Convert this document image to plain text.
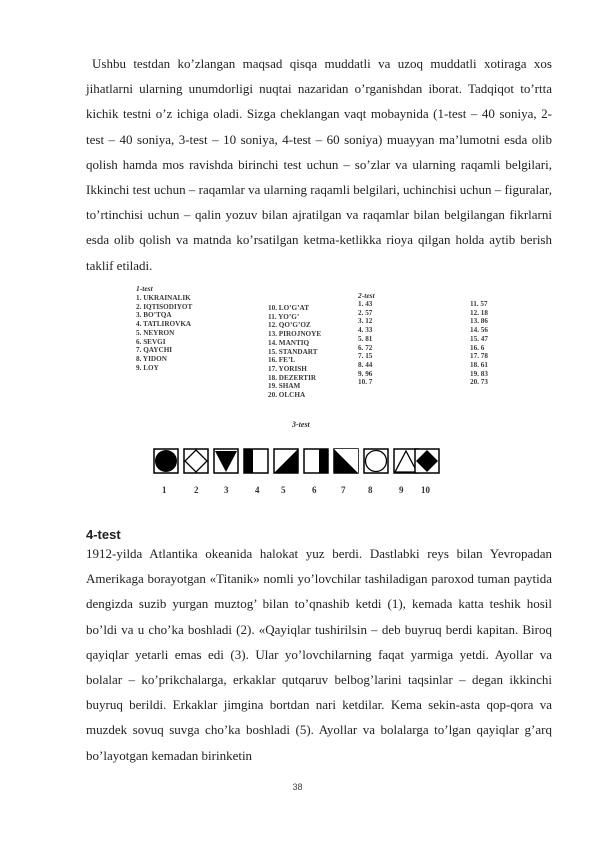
Ushbu testdan ko’zlangan maqsad qisqa muddatli va uzoq muddatli xotiraga xos jihatlarni ularning unumdorligi nuqtai nazaridan o’rganishdan iborat. Tadqiqot to’rtta kichik testni o’z ichiga oladi. Sizga cheklangan vaqt mobaynida (1-test – 40 soniya, 2-test – 40 soniya, 3-test – 10 soniya, 4-test – 60 soniya) muayyan ma’lumotni esda olib qolish hamda mos ravishda birinchi test uchun – so’zlar va ularning raqamli belgilari, Ikkinchi test uchun – raqamlar va ularning raqamli belgilari, uchinchisi uchun – figuralar, to’rtinchisi uchun – qalin yozuv bilan ajratilgan va raqamlar bilan belgilangan fikrlarni esda olib qolish va matnda ko’rsatilgan ketma-ketlikka rioya qilgan holda aytib berish taklif etiladi.

1-test
1. UKRAINALIK
2. IQTISODIYOT
3. BO’TQA
4. TATLIROVKA
5. NEYRON
6. SEVGI
7. QAYCHI
8. YIDON
9. LOY
10. LO’G’AT
11. YO’G’
12. QO’G’OZ
13. PIROJNOYE
14. MANTIQ
15. STANDART
16. FE’L
17. YORISH
18. DEZERTIR
19. SHAM
20. OLCHA
2-test
1. 43
2. 57
3. 12
4. 33
5. 81
6. 72
7. 15
8. 44
9. 96
10. 7
11. 57
12. 18
13. 86
14. 56
15. 47
16. 6
17. 78
18. 61
19. 83
20. 73
3-test
1	2	3	4 5	6	7	8	9 10
4-test

1912-yilda Atlantika okeanida halokat yuz berdi. Dastlabki reys bilan Yevropadan Amerikaga borayotgan «Titanik» nomli yo’lovchilar tashiladigan paroxod tuman paytida dengizda suzib yurgan muztog’ bilan to’qnashib ketdi (1), kemada katta teshik hosil bo’ldi va u cho’ka boshladi (2). «Qayiqlar tushirilsin – deb buyruq berdi kapitan. Biroq qayiqlar yetarli emas edi (3). Ular yo’lovchilarning faqat yarmiga yetdi. Ayollar va bolalar – ko’prikchalarga, erkaklar qutqaruv belbog’larini taqsinlar – degan ikkinchi buyruq berildi. Erkaklar jimgina bortdan nari ketdilar. Kema sekin-asta qop-qora va muzdek sovuq suvga cho’ka boshladi (5). Ayollar va bolalarga to’lgan qayiqlar g’arq bo’layotgan kemadan birinketin

38
